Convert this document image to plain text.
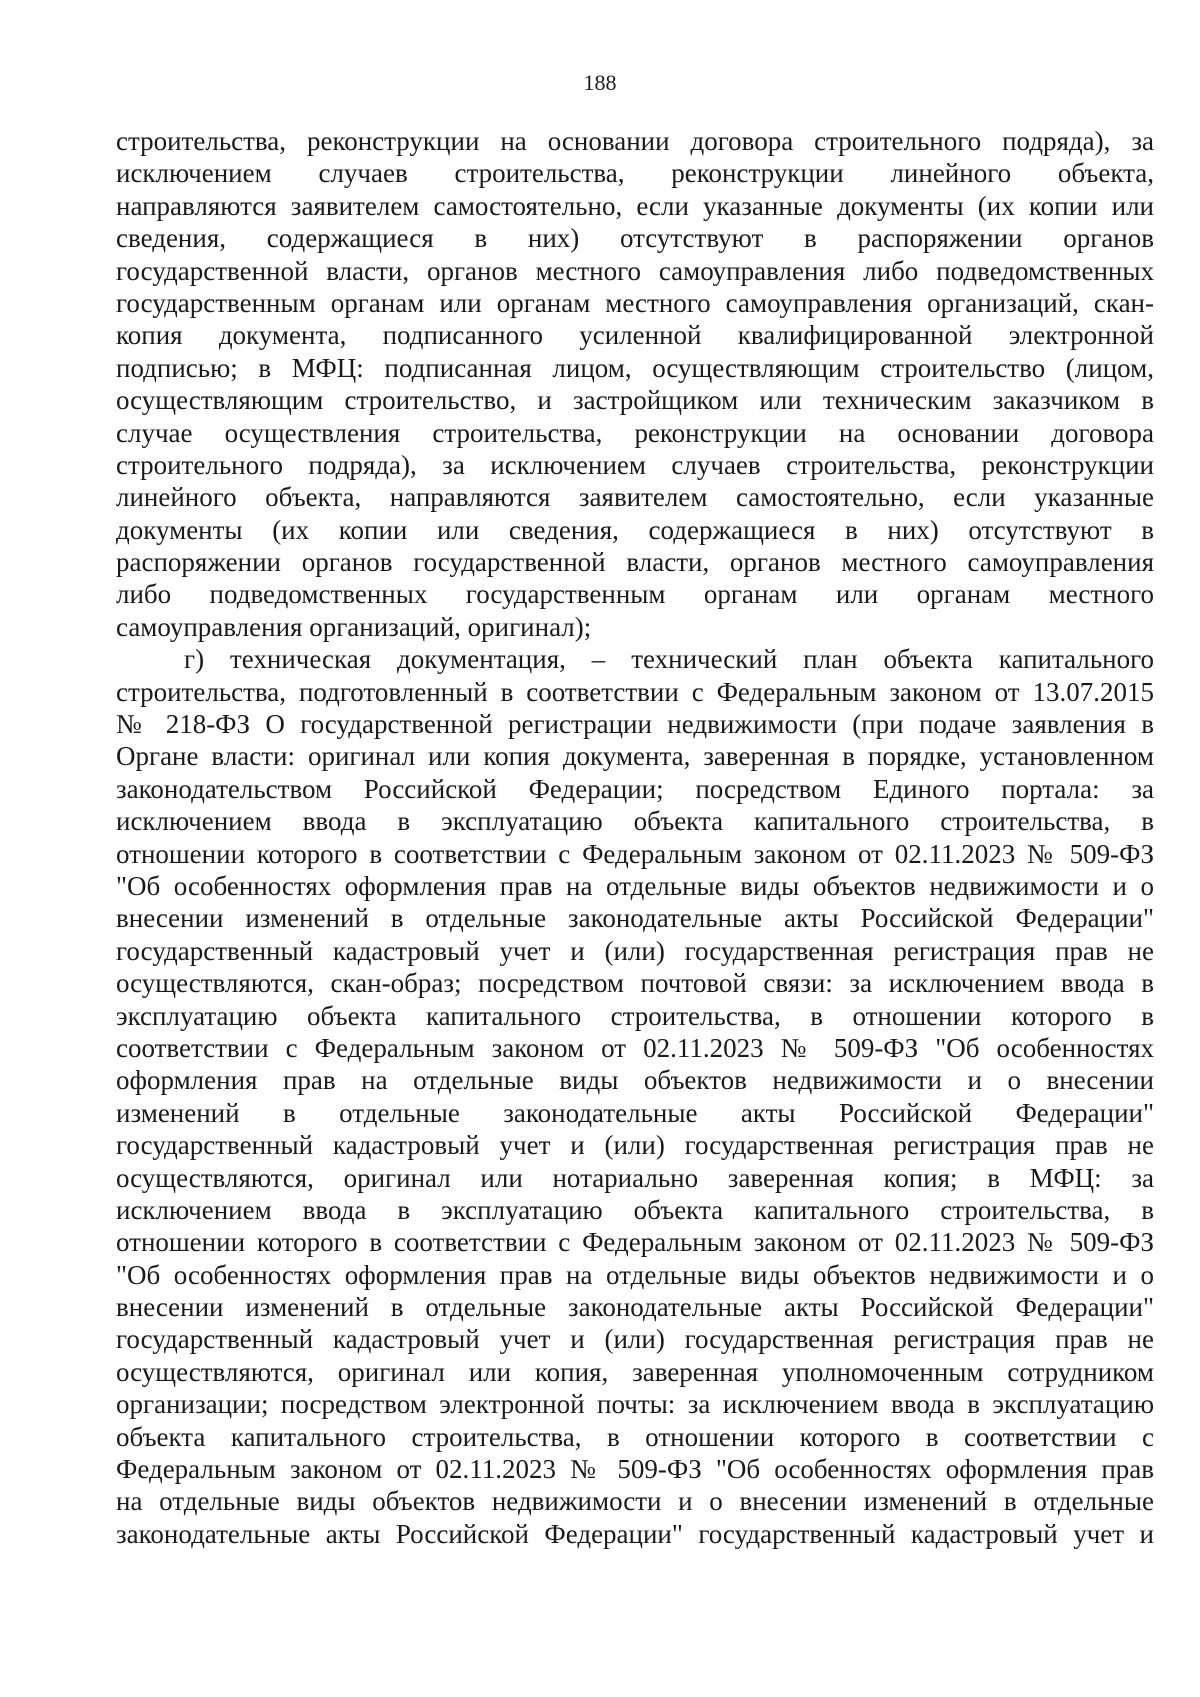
188
строительства, реконструкции на основании договора строительного подряда), за
исключением случаев строительства, реконструкции линейного объекта,
направляются заявителем самостоятельно, если указанные документы (их копии или
сведения, содержащиеся в них) отсутствуют в распоряжении органов
государственной власти, органов местного самоуправления либо подведомственных
государственным органам или органам местного самоуправления организаций, скан-
копия документа, подписанного усиленной квалифицированной электронной
подписью; в МФЦ: подписанная лицом, осуществляющим строительство (лицом,
осуществляющим строительство, и застройщиком или техническим заказчиком в
случае осуществления строительства, реконструкции на основании договора
строительного подряда), за исключением случаев строительства, реконструкции
линейного объекта, направляются заявителем самостоятельно, если указанные
документы (их копии или сведения, содержащиеся в них) отсутствуют в
распоряжении органов государственной власти, органов местного самоуправления
либо подведомственных государственным органам или органам местного
самоуправления организаций, оригинал);
г) техническая документация, – технический план объекта капитального
строительства, подготовленный в соответствии с Федеральным законом от 13.07.2015
№ 218-ФЗ О государственной регистрации недвижимости (при подаче заявления в
Органе власти: оригинал или копия документа, заверенная в порядке, установленном
законодательством Российской Федерации; посредством Единого портала: за
исключением ввода в эксплуатацию объекта капитального строительства, в
отношении которого в соответствии с Федеральным законом от 02.11.2023 № 509-ФЗ
"Об особенностях оформления прав на отдельные виды объектов недвижимости и о
внесении изменений в отдельные законодательные акты Российской Федерации"
государственный кадастровый учет и (или) государственная регистрация прав не
осуществляются, скан-образ; посредством почтовой связи: за исключением ввода в
эксплуатацию объекта капитального строительства, в отношении которого в
соответствии с Федеральным законом от 02.11.2023 № 509-ФЗ "Об особенностях
оформления прав на отдельные виды объектов недвижимости и о внесении
изменений в отдельные законодательные акты Российской Федерации"
государственный кадастровый учет и (или) государственная регистрация прав не
осуществляются, оригинал или нотариально заверенная копия; в МФЦ: за
исключением ввода в эксплуатацию объекта капитального строительства, в
отношении которого в соответствии с Федеральным законом от 02.11.2023 № 509-ФЗ
"Об особенностях оформления прав на отдельные виды объектов недвижимости и о
внесении изменений в отдельные законодательные акты Российской Федерации"
государственный кадастровый учет и (или) государственная регистрация прав не
осуществляются, оригинал или копия, заверенная уполномоченным сотрудником
организации; посредством электронной почты: за исключением ввода в эксплуатацию
объекта капитального строительства, в отношении которого в соответствии с
Федеральным законом от 02.11.2023 № 509-ФЗ "Об особенностях оформления прав
на отдельные виды объектов недвижимости и о внесении изменений в отдельные
законодательные акты Российской Федерации" государственный кадастровый учет и
